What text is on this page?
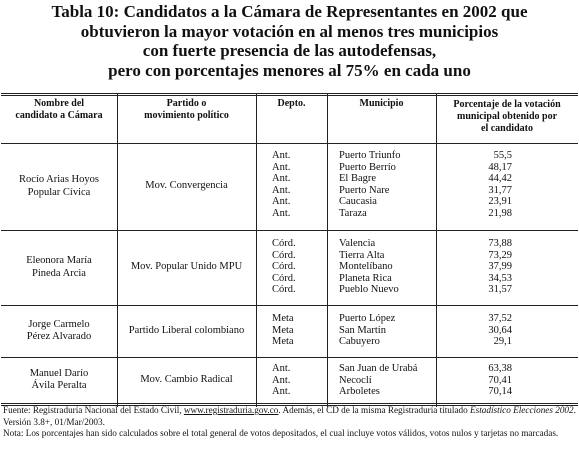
Tabla 10: Candidatos a la Cámara de Representantes en 2002 que
obtuvieron la mayor votación en al menos tres municipios
con fuerte presencia de las autodefensas,
pero con porcentajes menores al 75% en cada uno
Nombre del
candidato a Cámara
Partido o
movimiento político
Depto.	Municipio	Porcentaje de la votación
municipal obtenido por
el candidato
Rocío Arias Hoyos
Popular Cívica
Mov. Convergencia
Ant.
Ant.
Ant.
Ant.
Ant.
Ant.
Puerto Triunfo
Puerto Berrío
El Bagre
Puerto Nare
Caucasia
Taraza
55,5
48,17
44,42
31,77
23,91
21,98
Eleonora María
Pineda Arcia
Mov. Popular Unido MPU
Córd.
Córd.
Córd.
Córd.
Córd.
Valencia
Tierra Alta
Montelíbano
Planeta Rica
Pueblo Nuevo
73,88
73,29
37,99
34,53
31,57
Jorge Carmelo
Pérez Alvarado
Partido Liberal colombiano
Meta
Meta
Meta
Puerto López
San Martín
Cabuyero
37,52
30,64
29,1
Manuel Darío
Ávila Peralta
Mov. Cambio Radical
Ant.
Ant.
Ant.
San Juan de Urabá
Necoclí
Arboletes
63,38
70,41
70,14
Fuente: Registraduría Nacional del Estado Civil, www.registraduria.gov.co. Además, el CD de la misma Registraduría titulado Estadístico Elecciones 2002. Versión 3.8+, 01/Mar/2003.
Nota: Los porcentajes han sido calculados sobre el total general de votos depositados, el cual incluye votos válidos, votos nulos y tarjetas no marcadas.
